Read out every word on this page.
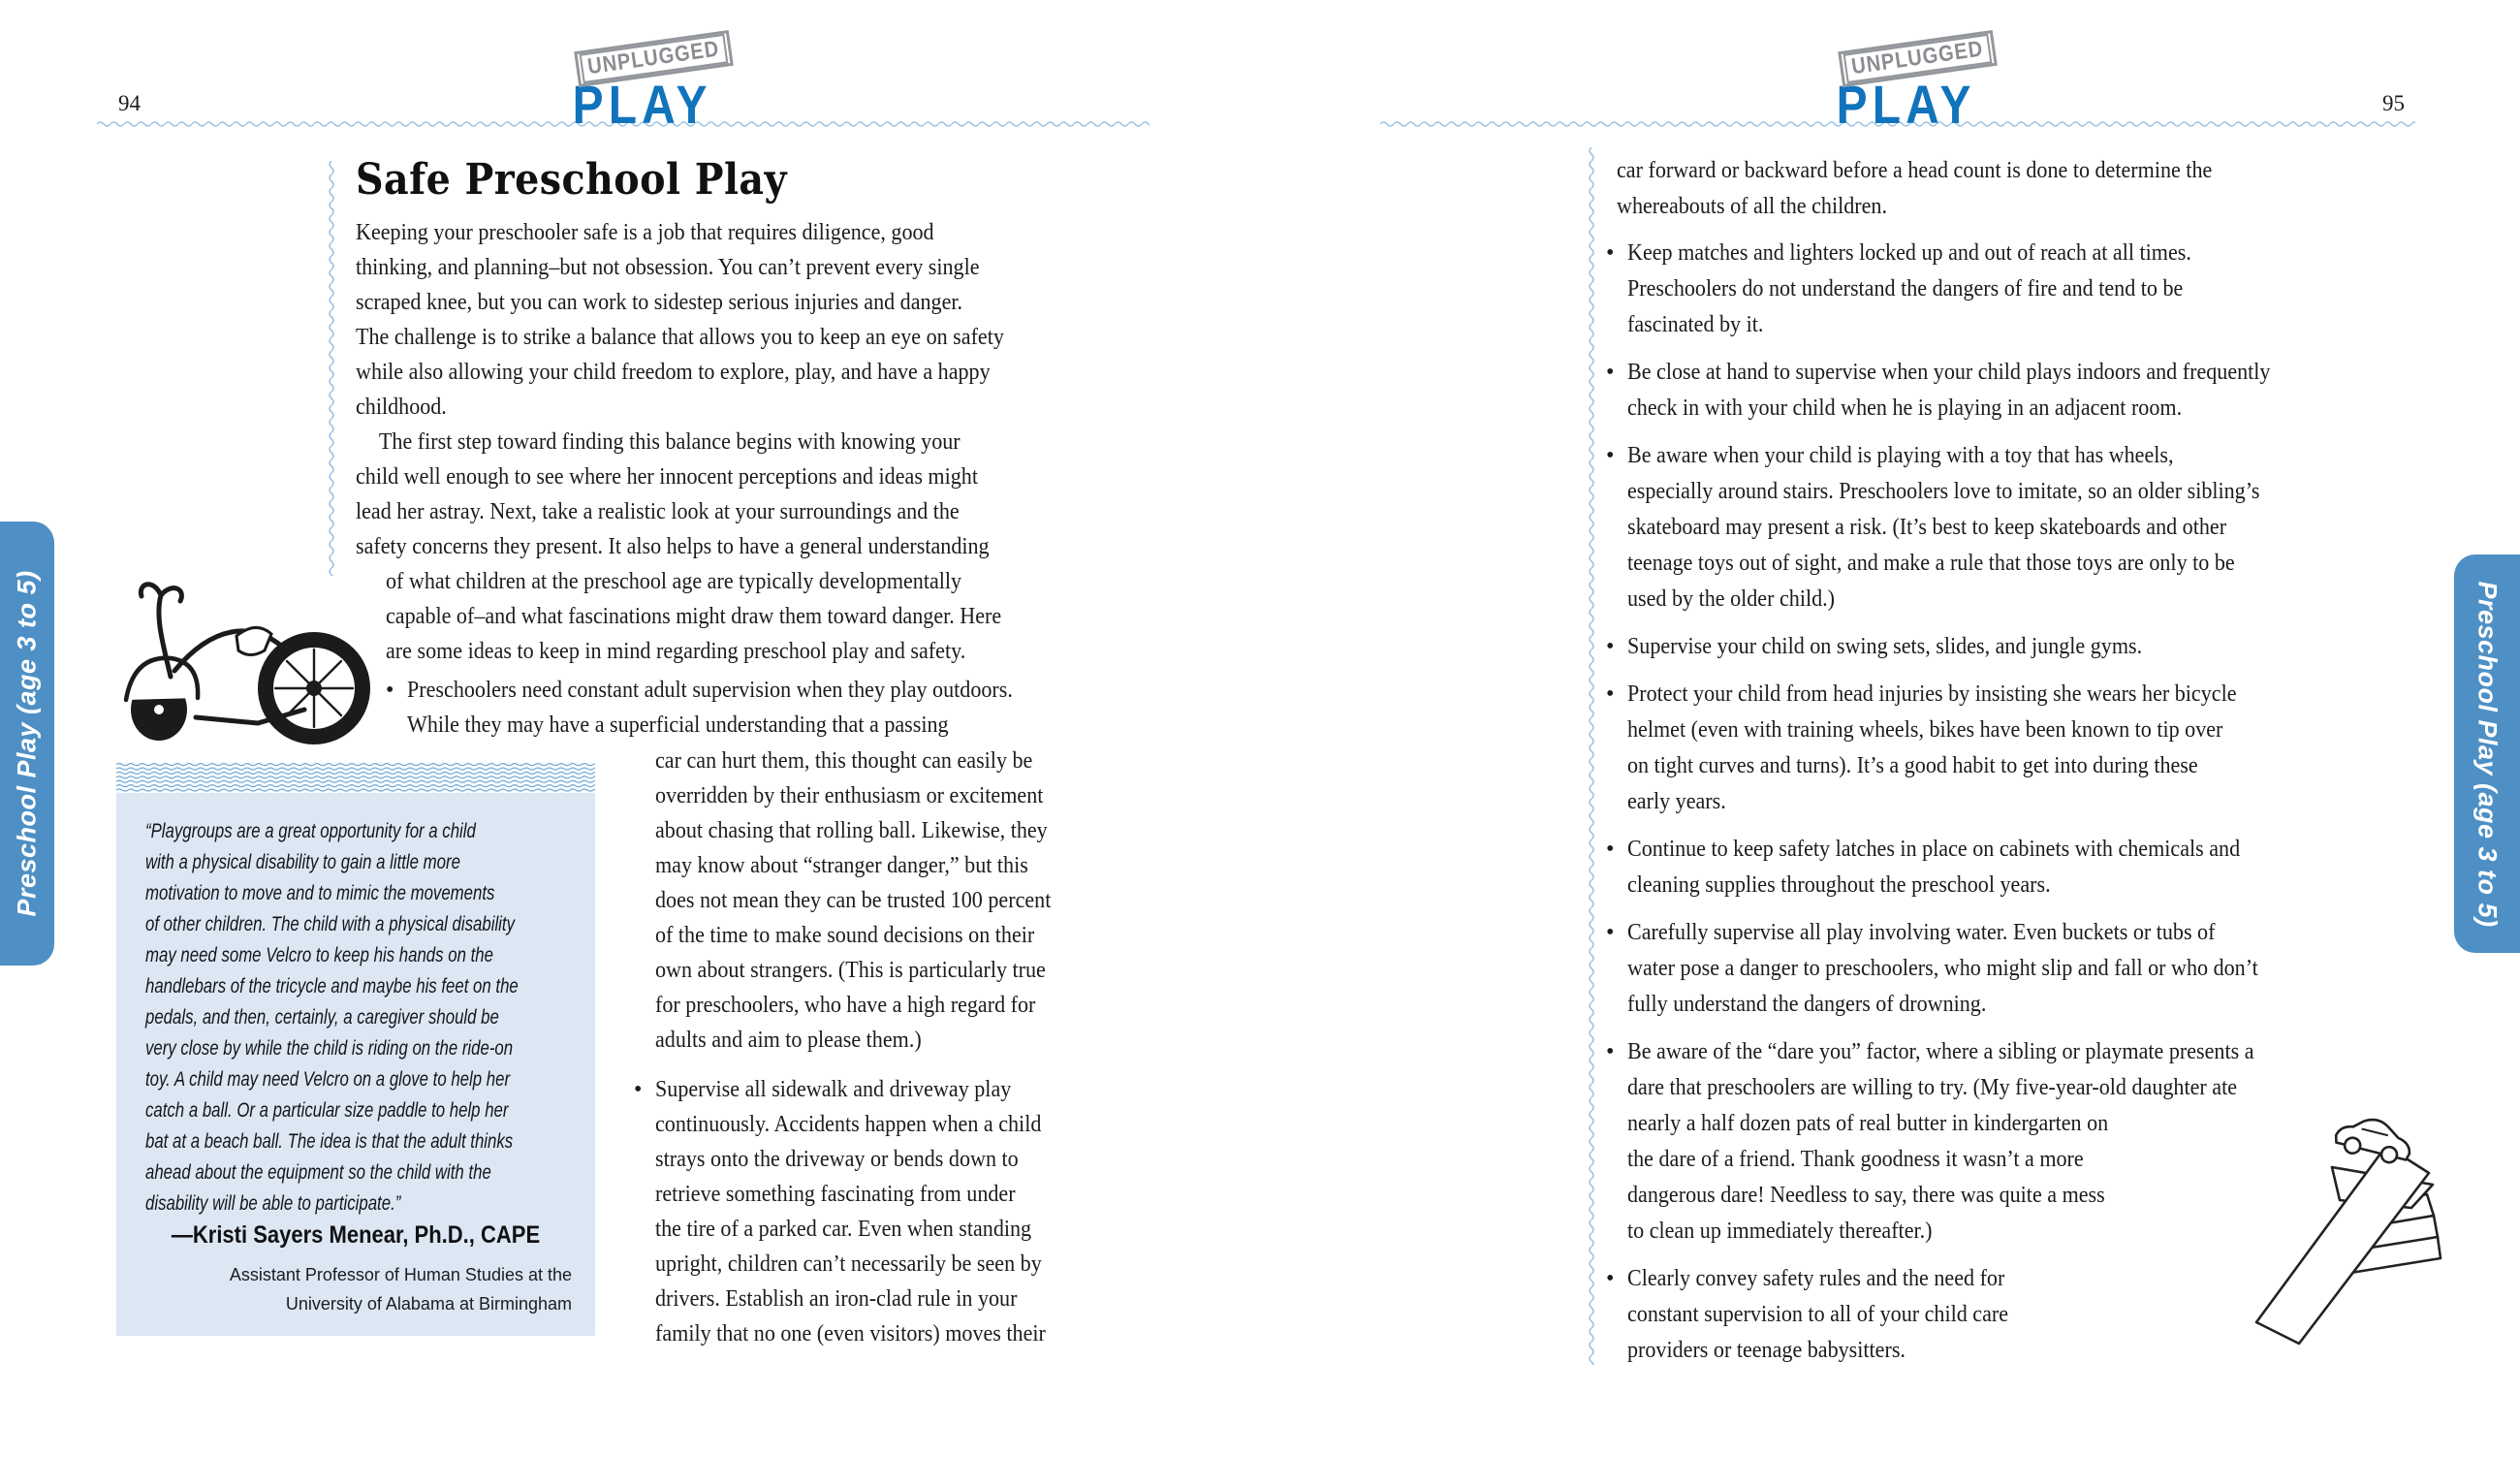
94	PLAY
UNPLUGGED
Safe Preschool Play
Keeping your preschooler safe is a job that requires diligence, good
thinking, and planning–but not obsession. You can’t prevent every single
scraped knee, but you can work to sidestep serious injuries and danger.
The challenge is to strike a balance that allows you to keep an eye on safety
while also allowing your child freedom to explore, play, and have a happy
childhood.
The first step toward finding this balance begins with knowing your
child well enough to see where her innocent perceptions and ideas might
lead her astray. Next, take a realistic look at your surroundings and the
safety concerns they present. It also helps to have a general understanding
of what children at the preschool age are typically developmentally
capable of–and what fascinations might draw them toward danger. Here
are some ideas to keep in mind regarding preschool play and safety.
• Preschoolers need constant adult supervision when they play outdoors.
While they may have a superficial understanding that a passing
car can hurt them, this thought can easily be
overridden by their enthusiasm or excitement
about chasing that rolling ball. Likewise, they
may know about “stranger danger,” but this
does not mean they can be trusted 100 percent
of the time to make sound decisions on their
own about strangers. (This is particularly true
for preschoolers, who have a high regard for
adults and aim to please them.)
• Supervise all sidewalk and driveway play
continuously. Accidents happen when a child
strays onto the driveway or bends down to
retrieve something fascinating from under
the tire of a parked car. Even when standing
upright, children can’t necessarily be seen by
drivers. Establish an iron-clad rule in your
family that no one (even visitors) moves their
“Playgroups are a great opportunity for a child
with a physical disability to gain a little more
motivation to move and to mimic the movements
of other children. The child with a physical disability
may need some Velcro to keep his hands on the
handlebars of the tricycle and maybe his feet on the
pedals, and then, certainly, a caregiver should be
very close by while the child is riding on the ride-on
toy. A child may need Velcro on a glove to help her
catch a ball. Or a particular size paddle to help her
bat at a beach ball. The idea is that the adult thinks
ahead about the equipment so the child with the
disability will be able to participate.”
—Kristi Sayers Menear, Ph.D., CAPE
Assistant Professor of Human Studies at the
University of Alabama at Birmingham
Preschool Play (age 3 to 5)
95
PLAY
UNPLUGGED
car forward or backward before a head count is done to determine the
whereabouts of all the children.
• Keep matches and lighters locked up and out of reach at all times.
Preschoolers do not understand the dangers of fire and tend to be
fascinated by it.
• Be close at hand to supervise when your child plays indoors and frequently
check in with your child when he is playing in an adjacent room.
• Be aware when your child is playing with a toy that has wheels,
especially around stairs. Preschoolers love to imitate, so an older sibling’s
skateboard may present a risk. (It’s best to keep skateboards and other
teenage toys out of sight, and make a rule that those toys are only to be
used by the older child.)
• Supervise your child on swing sets, slides, and jungle gyms.
• Protect your child from head injuries by insisting she wears her bicycle
helmet (even with training wheels, bikes have been known to tip over
on tight curves and turns). It’s a good habit to get into during these
early years.
• Continue to keep safety latches in place on cabinets with chemicals and
cleaning supplies throughout the preschool years.
• Carefully supervise all play involving water. Even buckets or tubs of
water pose a danger to preschoolers, who might slip and fall or who don’t
fully understand the dangers of drowning.
• Be aware of the “dare you” factor, where a sibling or playmate presents a
dare that preschoolers are willing to try. (My five-year-old daughter ate
nearly a half dozen pats of real butter in kindergarten on
the dare of a friend. Thank goodness it wasn’t a more
dangerous dare! Needless to say, there was quite a mess
to clean up immediately thereafter.)
• Clearly convey safety rules and the need for
constant supervision to all of your child care
providers or teenage babysitters.
Preschool Play (age 3 to 5)
